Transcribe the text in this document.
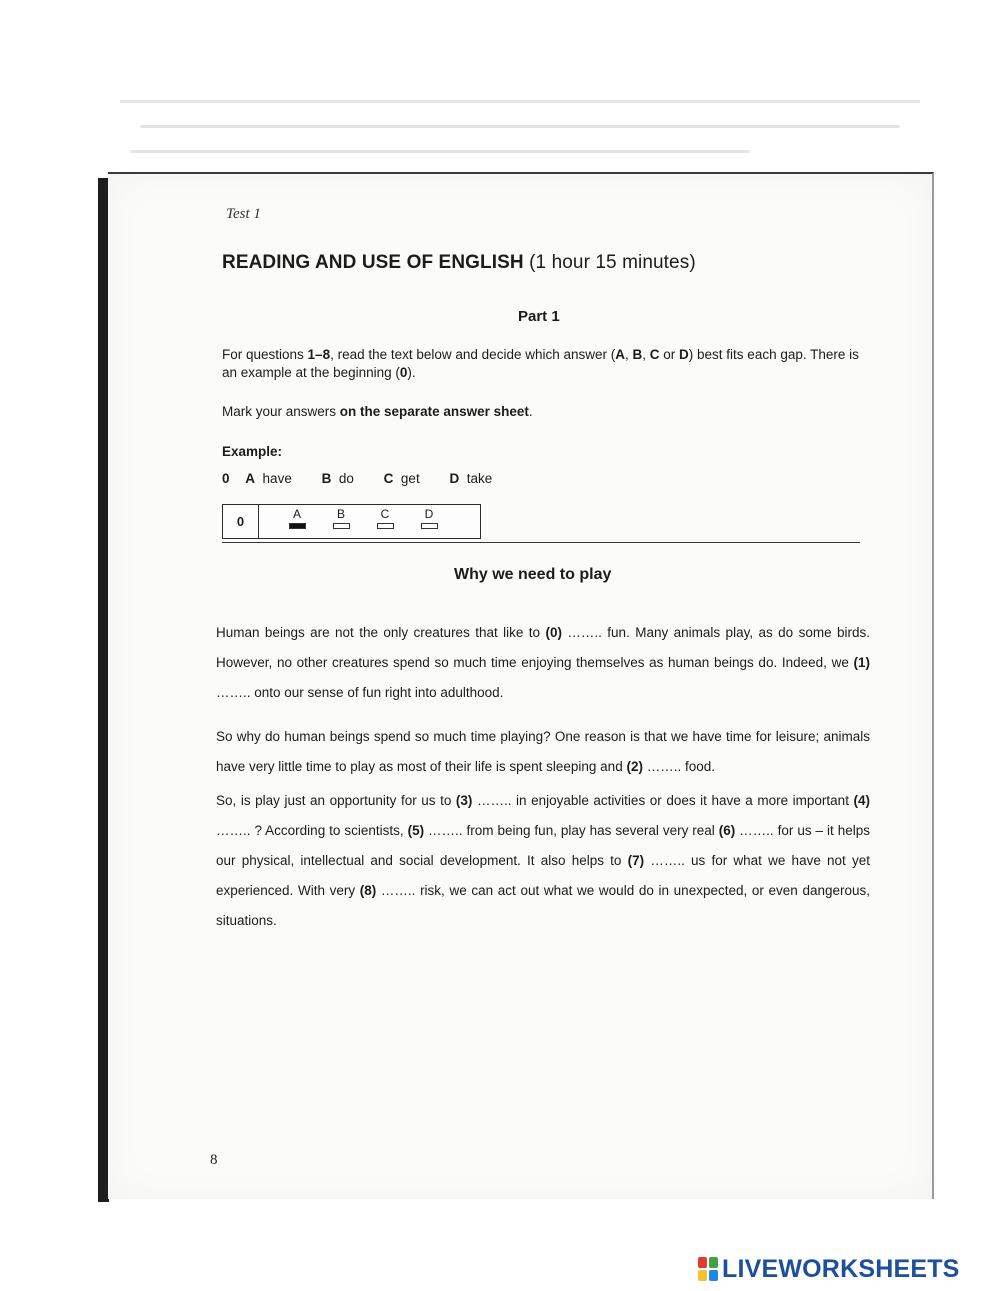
Test 1
READING AND USE OF ENGLISH (1 hour 15 minutes)
Part 1
For questions 1–8, read the text below and decide which answer (A, B, C or D) best fits each gap. There is an example at the beginning (0).
Mark your answers on the separate answer sheet.
Example:
0 A have B do C get D take
0	A	B	C	D
Why we need to play
Human beings are not the only creatures that like to (0) …….. fun. Many animals play, as do some birds. However, no other creatures spend so much time enjoying themselves as human beings do. Indeed, we (1) …….. onto our sense of fun right into adulthood.
So why do human beings spend so much time playing? One reason is that we have time for leisure; animals have very little time to play as most of their life is spent sleeping and (2) …….. food.
So, is play just an opportunity for us to (3) …….. in enjoyable activities or does it have a more important (4) …….. ? According to scientists, (5) …….. from being fun, play has several very real (6) …….. for us – it helps our physical, intellectual and social development. It also helps to (7) …….. us for what we have not yet experienced. With very (8) …….. risk, we can act out what we would do in unexpected, or even dangerous, situations.
8
LIVEWORKSHEETS
